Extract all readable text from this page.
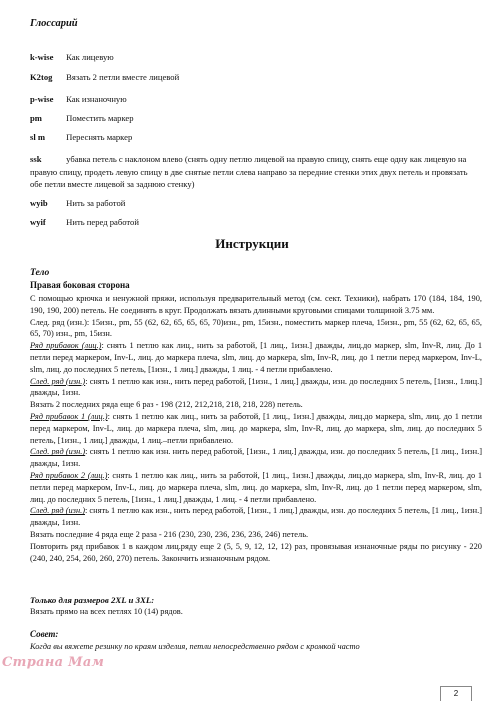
Глоссарий
k-wise Как лицевую
K2tog Вязать 2 петли вместе лицевой
p-wise Как изнаночную
pm	Поместить маркер
sl m Переснять маркер
ssk	убавка петель с наклоном влево (снять одну петлю лицевой на правую спицу, снять еще одну как лицевую на правую спицу, продеть левую спицу в две снятые петли слева направо за передние стенки этих двух петель и провязать обе петли вместе лицевой за заднюю стенку)
wyib Нить за работой
wyif Нить перед работой
Инструкции
Тело
Правая боковая сторона

С помощью крючка и ненужной пряжи, используя предварительный метод (см. сект. Техники), набрать 170 (184, 184, 190, 190, 190, 200) петель. Не соединять в круг. Продолжать вязать длинными круговыми спицами толщиной 3.75 мм.

След. ряд (изн.): 15изн., pm, 55 (62, 62, 65, 65, 65, 70)изн., pm, 15изн., поместить маркер плеча, 15изн., pm, 55 (62, 62, 65, 65, 65, 70) изн., pm, 15изн.

Ряд прибавок (лиц.): снять 1 петлю как лиц., нить за работой, [1 лиц., 1изн.] дважды, лиц.до маркер, slm, Inv-R, лиц. До 1 петли перед маркером, Inv-L, лиц. до маркера плеча, slm, лиц. до маркера, slm, Inv-R, лиц. до 1 петли перед маркером, Inv-L, slm, лиц. до последних 5 петель, [1изн., 1 лиц.] дважды, 1 лиц. - 4 петли прибавлено.

След. ряд (изн.): снять 1 петлю как изн., нить перед работой, [1изн., 1 лиц.] дважды, изн. до последних 5 петель, [1изн., 1лиц.] дважды, 1изн.

Вязать 2 последних ряда еще 6 раз - 198 (212, 212,218, 218, 218, 228) петель.

Ряд прибавок 1 (лиц.): снять 1 петлю как лиц., нить за работой, [1 лиц., 1изн.] дважды, лиц.до маркера, slm, лиц. до 1 петли перед маркером, Inv-L, лиц. до маркера плеча, slm, лиц. до маркера, slm, Inv-R, лиц. до маркера, slm, лиц. до последних 5 петель, [1изн., 1 лиц.] дважды, 1 лиц.–петли прибавлено.

След. ряд (изн.): снять 1 петлю как изн. нить перед работой, [1изн., 1 лиц.] дважды, изн. до последних 5 петель, [1 лиц., 1изн.] дважды, 1изн.

Ряд прибавок 2 (лиц.): снять 1 петлю как лиц., нить за работой, [1 лиц., 1изн.] дважды, лиц.до маркера, slm, Inv-R, лиц. до 1 петли перед маркером, Inv-L, лиц. до маркера плеча, slm, лиц. до маркера, slm, Inv-R, лиц. до 1 петли перед маркером, slm, лиц. до последних 5 петель, [1изн., 1 лиц.] дважды, 1 лиц. - 4 петли прибавлено.

След. ряд (изн.): снять 1 петлю как изн., нить перед работой, [1изн., 1 лиц.] дважды, изн. до последних 5 петель, [1 лиц., 1изн.] дважды, 1изн.

Вязать последние 4 ряда еще 2 раза - 216 (230, 230, 236, 236, 236, 246) петель.

Повторить ряд прибавок 1 в каждом лиц.ряду еще 2 (5, 5, 9, 12, 12, 12) раз, провязывая изнаночные ряды по рисунку - 220 (240, 240, 254, 260, 260, 270) петель. Закончить изнаночным рядом.

Только для размеров 2XL и 3XL:
Вязать прямо на всех петлях 10 (14) рядов.
Совет:
Когда вы вяжете резинку по краям изделия, петли непосредственно рядом с кромкой часто
Страна Мам
2
